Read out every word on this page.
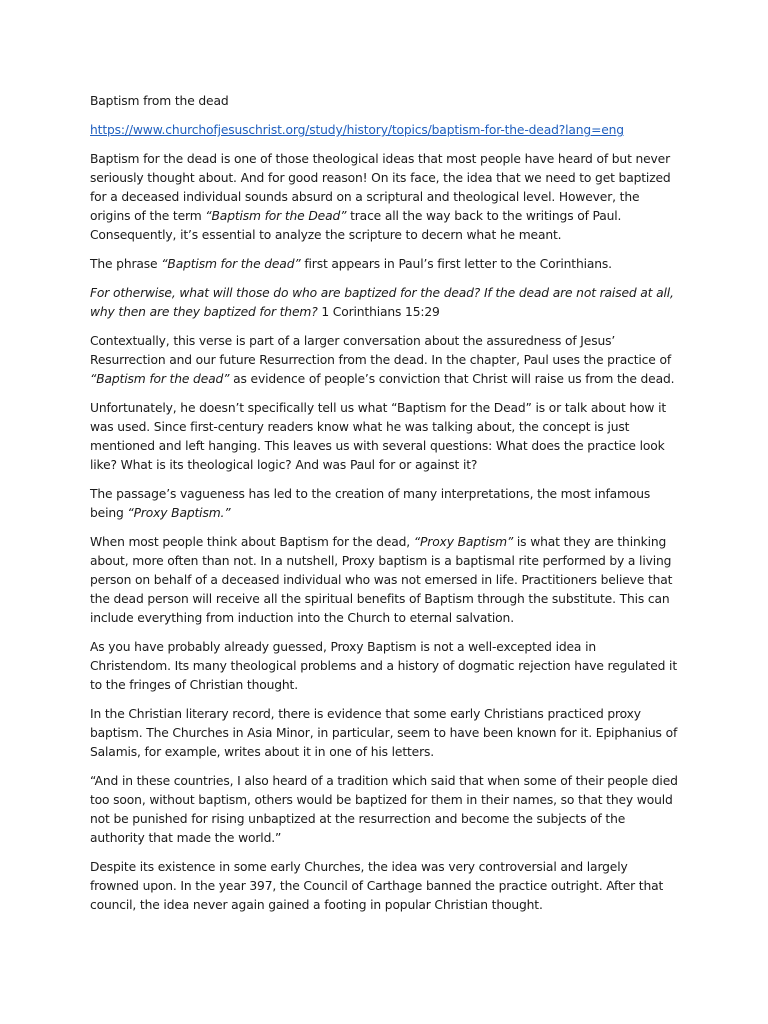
Baptism from the dead

https://www.churchofjesuschrist.org/study/history/topics/baptism-for-the-dead?lang=eng

Baptism for the dead is one of those theological ideas that most people have heard of but never seriously thought about. And for good reason! On its face, the idea that we need to get baptized for a deceased individual sounds absurd on a scriptural and theological level. However, the origins of the term “Baptism for the Dead” trace all the way back to the writings of Paul. Consequently, it’s essential to analyze the scripture to decern what he meant.

The phrase “Baptism for the dead” first appears in Paul’s first letter to the Corinthians.

For otherwise, what will those do who are baptized for the dead? If the dead are not raised at all, why then are they baptized for them? 1 Corinthians 15:29

Contextually, this verse is part of a larger conversation about the assuredness of Jesus’ Resurrection and our future Resurrection from the dead. In the chapter, Paul uses the practice of “Baptism for the dead” as evidence of people’s conviction that Christ will raise us from the dead.

Unfortunately, he doesn’t specifically tell us what “Baptism for the Dead” is or talk about how it was used. Since first-century readers know what he was talking about, the concept is just mentioned and left hanging. This leaves us with several questions: What does the practice look like? What is its theological logic? And was Paul for or against it?

The passage’s vagueness has led to the creation of many interpretations, the most infamous being “Proxy Baptism.”

When most people think about Baptism for the dead, “Proxy Baptism” is what they are thinking about, more often than not. In a nutshell, Proxy baptism is a baptismal rite performed by a living person on behalf of a deceased individual who was not emersed in life. Practitioners believe that the dead person will receive all the spiritual benefits of Baptism through the substitute. This can include everything from induction into the Church to eternal salvation.

As you have probably already guessed, Proxy Baptism is not a well-excepted idea in Christendom. Its many theological problems and a history of dogmatic rejection have regulated it to the fringes of Christian thought.

In the Christian literary record, there is evidence that some early Christians practiced proxy baptism. The Churches in Asia Minor, in particular, seem to have been known for it. Epiphanius of Salamis, for example, writes about it in one of his letters.

“And in these countries, I also heard of a tradition which said that when some of their people died too soon, without baptism, others would be baptized for them in their names, so that they would not be punished for rising unbaptized at the resurrection and become the subjects of the authority that made the world.”

Despite its existence in some early Churches, the idea was very controversial and largely frowned upon. In the year 397, the Council of Carthage banned the practice outright. After that council, the idea never again gained a footing in popular Christian thought.
